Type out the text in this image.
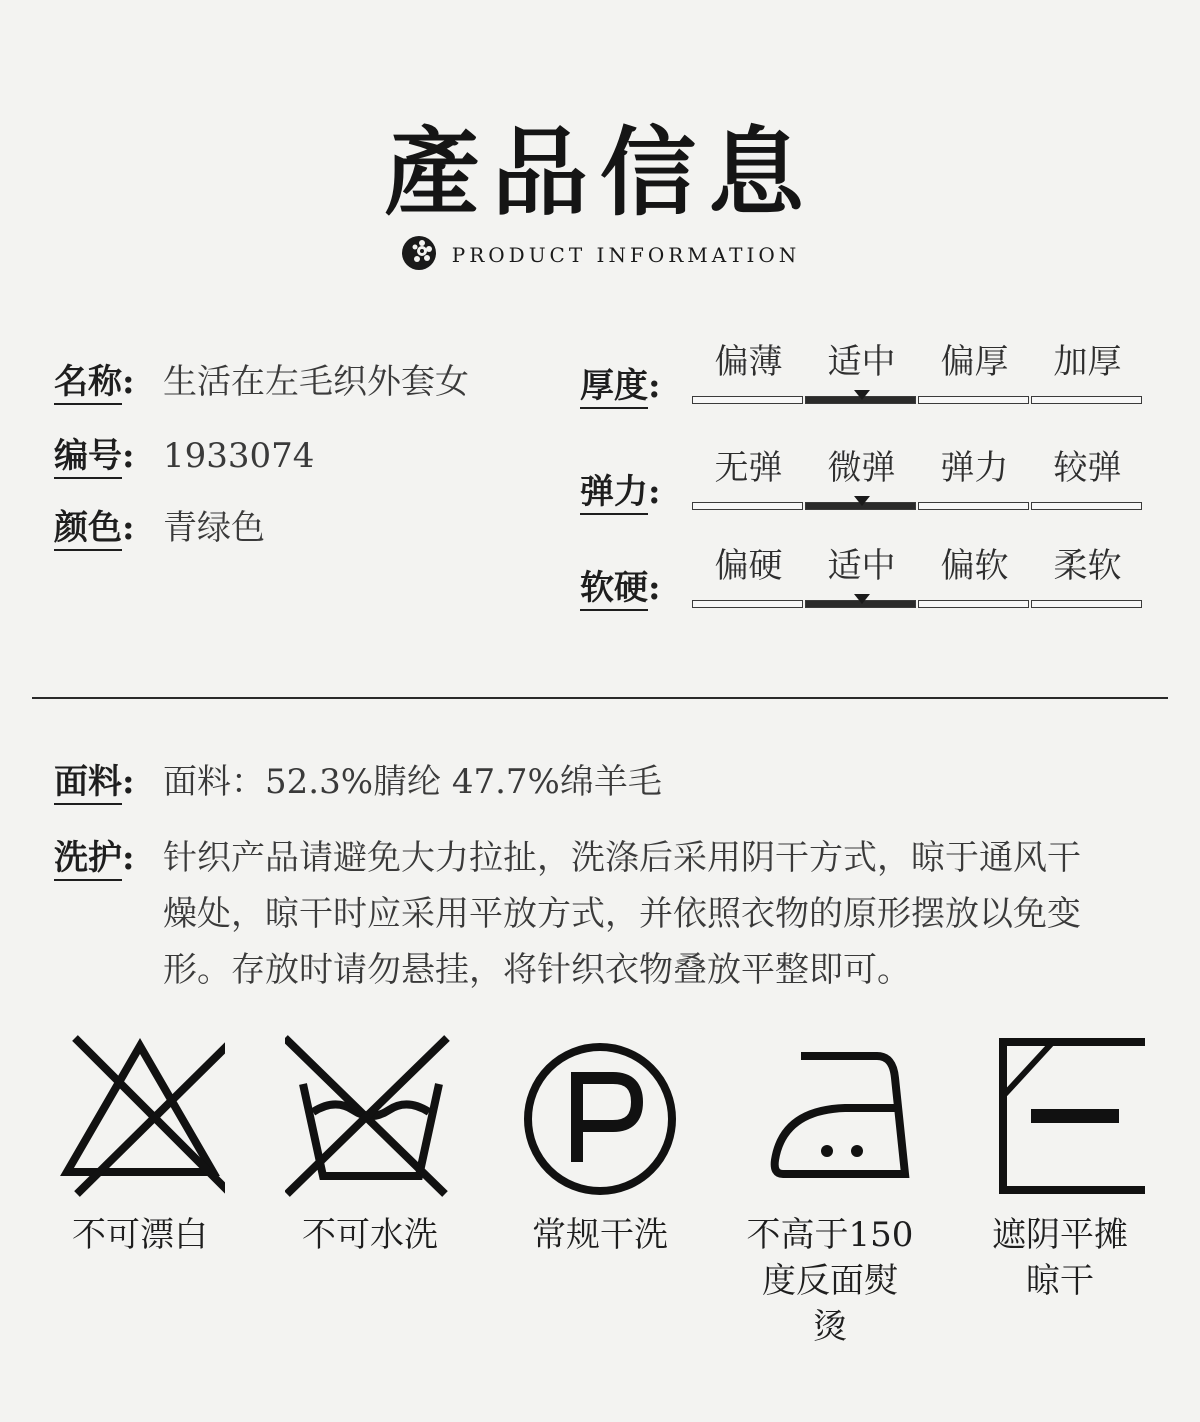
產品信息
PRODUCT INFORMATION
名称: 生活在左毛织外套女
编号: 1933074
颜色: 青绿色
厚度:
偏薄	适中	偏厚	加厚
弹力:
无弹	微弹	弹力	较弹
软硬:
偏硬	适中	偏软	柔软
面料: 面料：52.3%腈纶 47.7%绵羊毛
洗护: 针织产品请避免大力拉扯，洗涤后采用阴干方式，晾于通风干
燥处，晾干时应采用平放方式，并依照衣物的原形摆放以免变
形。存放时请勿悬挂，将针织衣物叠放平整即可。
不可漂白	不可水洗	常规干洗	不高于150
度反面熨
烫
遮阴平摊
晾干
